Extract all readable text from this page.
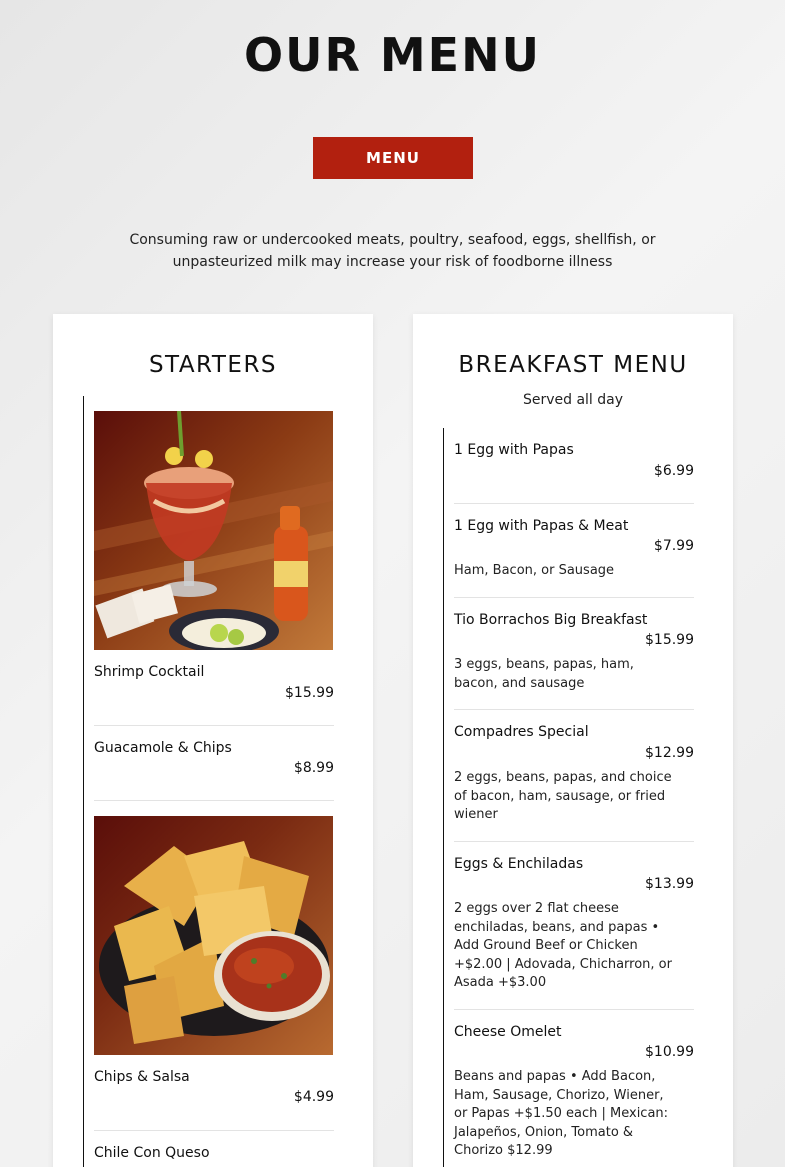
OUR MENU
MENU
Consuming raw or undercooked meats, poultry, seafood, eggs, shellfish, or unpasteurized milk may increase your risk of foodborne illness
STARTERS
Shrimp Cocktail
$15.99
Guacamole & Chips
$8.99
Chips & Salsa
$4.99
Chile Con Queso
BREAKFAST MENU
Served all day
1 Egg with Papas
$6.99
1 Egg with Papas & Meat
$7.99
Ham, Bacon, or Sausage
Tio Borrachos Big Breakfast
$15.99
3 eggs, beans, papas, ham, bacon, and sausage
Compadres Special
$12.99
2 eggs, beans, papas, and choice of bacon, ham, sausage, or fried wiener
Eggs & Enchiladas
$13.99
2 eggs over 2 flat cheese enchiladas, beans, and papas • Add Ground Beef or Chicken +$2.00 | Adovada, Chicharron, or Asada +$3.00
Cheese Omelet
$10.99
Beans and papas • Add Bacon, Ham, Sausage, Chorizo, Wiener, or Papas +$1.50 each | Mexican: Jalapeños, Onion, Tomato & Chorizo $12.99
